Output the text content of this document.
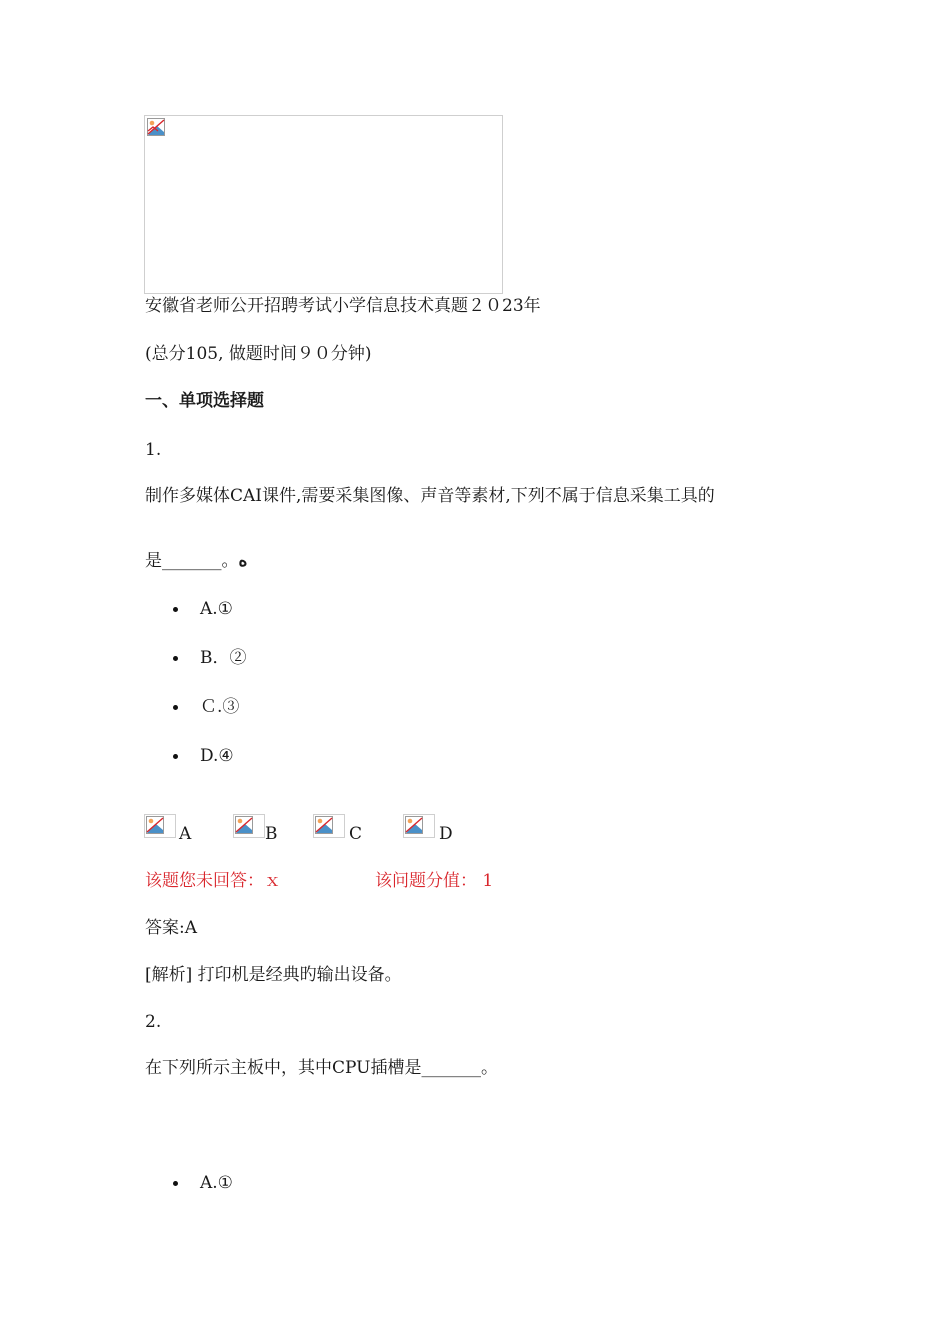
安徽省老师公开招聘考试小学信息技术真题２０23年
(总分105, 做题时间９０分钟)
一、单项选择题
1.
制作多媒体CAI课件,需要采集图像、声音等素材,下列不属于信息采集工具的
是_______。ه
A.①
B．②
Ｃ.③
D.④
A	B	C	D
该题您未回答：ｘ	该问题分值： 1
答案:A
[解析] 打印机是经典旳输出设备。
2.
在下列所示主板中，其中CPU插槽是_______。
A.①
